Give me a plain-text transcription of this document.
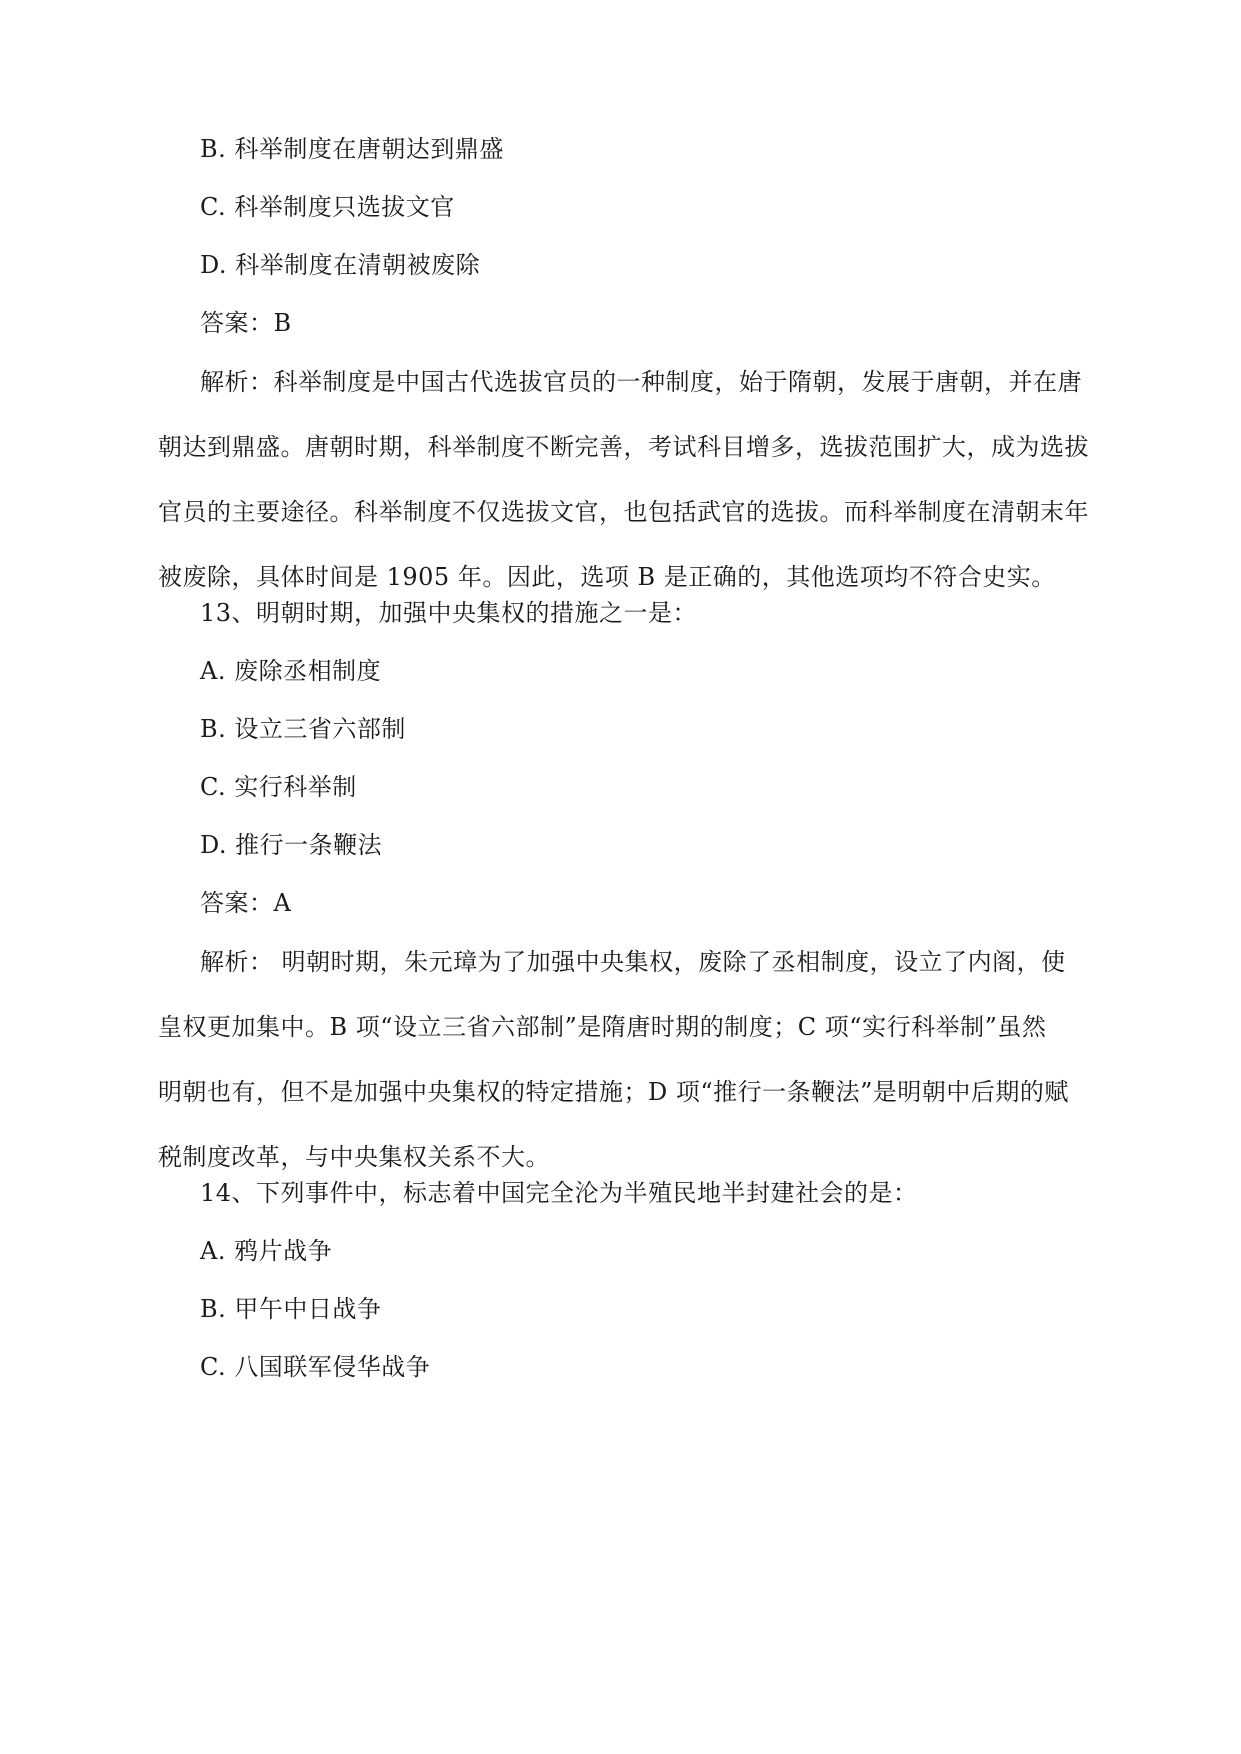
B. 科举制度在唐朝达到鼎盛
C. 科举制度只选拔文官
D. 科举制度在清朝被废除
答案：B
解析：科举制度是中国古代选拔官员的一种制度，始于隋朝，发展于唐朝，并在唐
朝达到鼎盛。唐朝时期，科举制度不断完善，考试科目增多，选拔范围扩大，成为选拔
官员的主要途径。科举制度不仅选拔文官，也包括武官的选拔。而科举制度在清朝末年
被废除，具体时间是 1905 年。因此，选项 B 是正确的，其他选项均不符合史实。
13、明朝时期，加强中央集权的措施之一是：
A. 废除丞相制度
B. 设立三省六部制
C. 实行科举制
D. 推行一条鞭法
答案：A
解析： 明朝时期，朱元璋为了加强中央集权，废除了丞相制度，设立了内阁，使
皇权更加集中。B 项“设立三省六部制”是隋唐时期的制度；C 项“实行科举制”虽然
明朝也有，但不是加强中央集权的特定措施；D 项“推行一条鞭法”是明朝中后期的赋
税制度改革，与中央集权关系不大。
14、下列事件中，标志着中国完全沦为半殖民地半封建社会的是：
A. 鸦片战争
B. 甲午中日战争
C. 八国联军侵华战争
